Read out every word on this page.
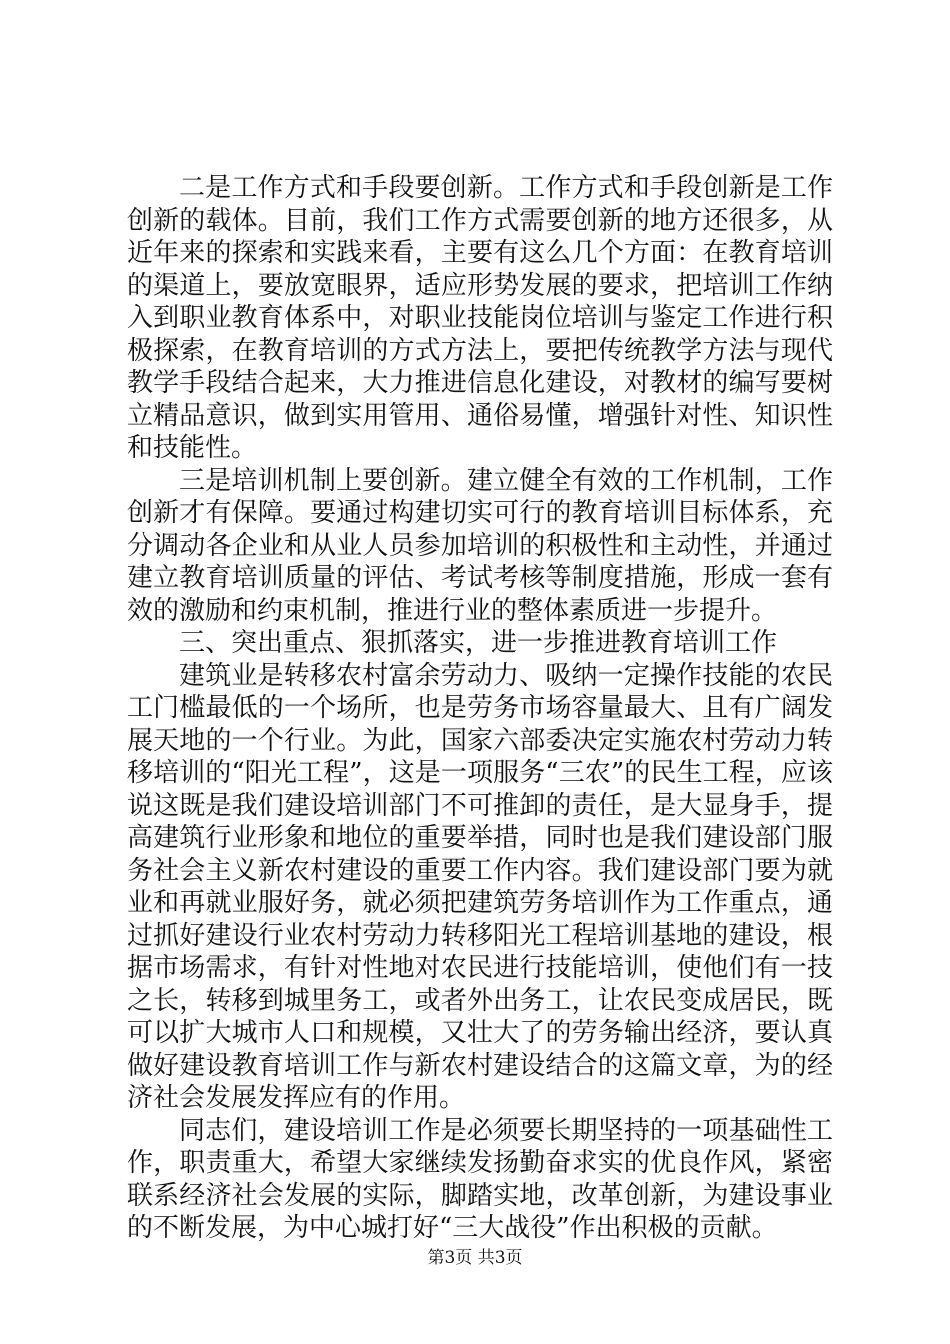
二是工作方式和手段要创新。工作方式和手段创新是工作创新的载体。目前，我们工作方式需要创新的地方还很多，从近年来的探索和实践来看，主要有这么几个方面：在教育培训的渠道上，要放宽眼界，适应形势发展的要求，把培训工作纳入到职业教育体系中，对职业技能岗位培训与鉴定工作进行积极探索，在教育培训的方式方法上，要把传统教学方法与现代教学手段结合起来，大力推进信息化建设，对教材的编写要树立精品意识，做到实用管用、通俗易懂，增强针对性、知识性和技能性。

三是培训机制上要创新。建立健全有效的工作机制，工作创新才有保障。要通过构建切实可行的教育培训目标体系，充分调动各企业和从业人员参加培训的积极性和主动性，并通过建立教育培训质量的评估、考试考核等制度措施，形成一套有效的激励和约束机制，推进行业的整体素质进一步提升。

三、突出重点、狠抓落实，进一步推进教育培训工作

建筑业是转移农村富余劳动力、吸纳一定操作技能的农民工门槛最低的一个场所，也是劳务市场容量最大、且有广阔发展天地的一个行业。为此，国家六部委决定实施农村劳动力转移培训的“阳光工程”，这是一项服务“三农”的民生工程，应该说这既是我们建设培训部门不可推卸的责任，是大显身手，提高建筑行业形象和地位的重要举措，同时也是我们建设部门服务社会主义新农村建设的重要工作内容。我们建设部门要为就业和再就业服好务，就必须把建筑劳务培训作为工作重点，通过抓好建设行业农村劳动力转移阳光工程培训基地的建设，根据市场需求，有针对性地对农民进行技能培训，使他们有一技之长，转移到城里务工，或者外出务工，让农民变成居民，既可以扩大城市人口和规模，又壮大了的劳务输出经济，要认真做好建设教育培训工作与新农村建设结合的这篇文章，为的经济社会发展发挥应有的作用。

同志们，建设培训工作是必须要长期坚持的一项基础性工作，职责重大，希望大家继续发扬勤奋求实的优良作风，紧密联系经济社会发展的实际，脚踏实地，改革创新，为建设事业的不断发展，为中心城打好“三大战役”作出积极的贡献。

第3页 共3页
